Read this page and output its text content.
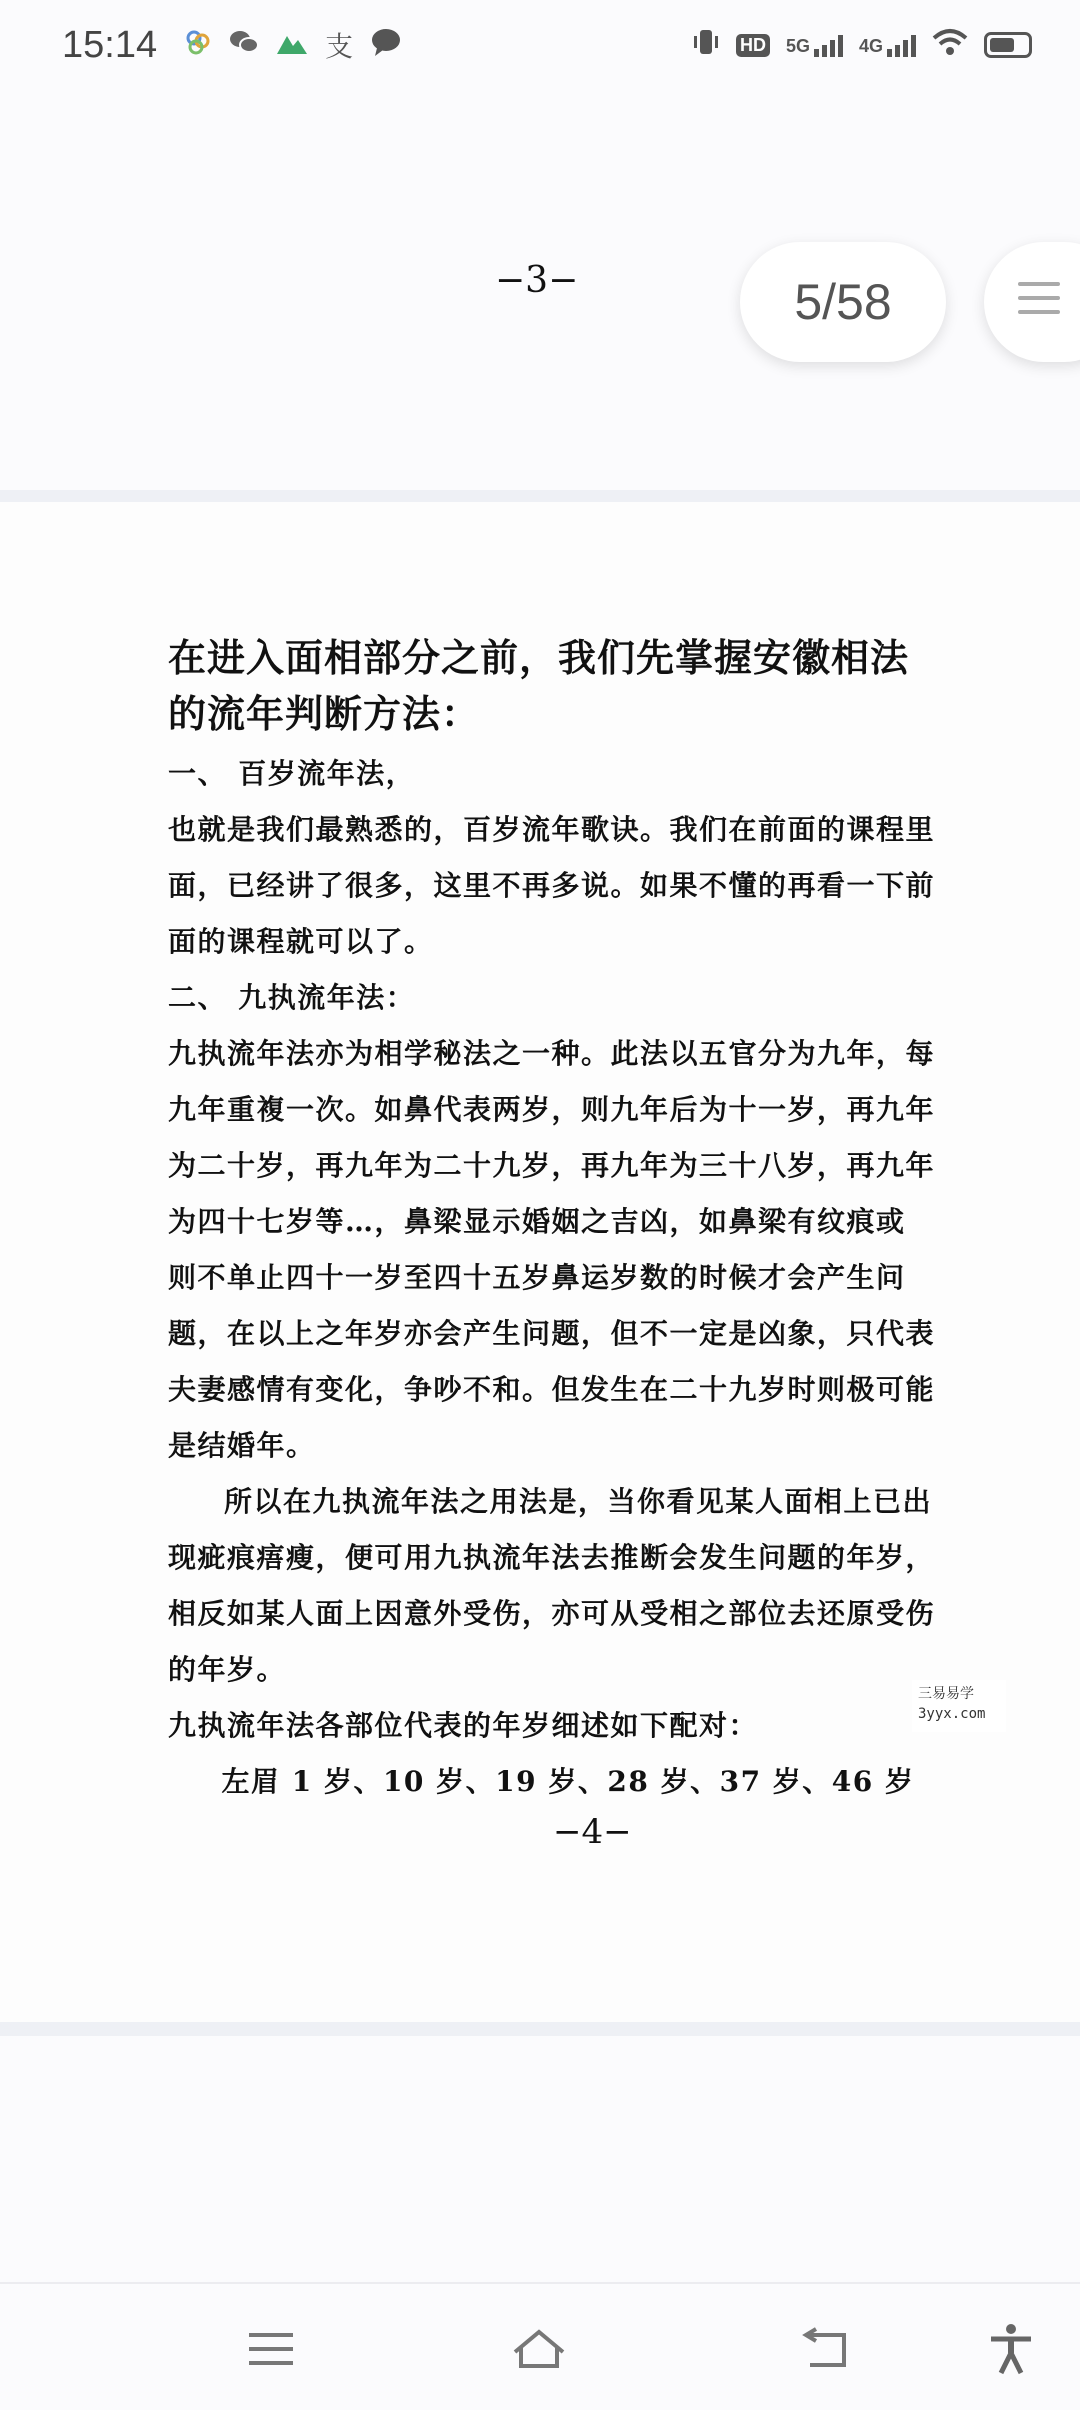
15:14	支	HD 5G	4G
−3−	5/58
在进入面相部分之前，我们先掌握安徽相法
的流年判断方法：
一、 百岁流年法，
也就是我们最熟悉的，百岁流年歌诀。我们在前面的课程里
面，已经讲了很多，这里不再多说。如果不懂的再看一下前
面的课程就可以了。
二、 九执流年法：
九执流年法亦为相学秘法之一种。此法以五官分为九年，每
九年重複一次。如鼻代表两岁，则九年后为十一岁，再九年
为二十岁，再九年为二十九岁，再九年为三十八岁，再九年
为四十七岁等…，鼻梁显示婚姻之吉凶，如鼻梁有纹痕或
则不单止四十一岁至四十五岁鼻运岁数的时候才会产生问
题，在以上之年岁亦会产生问题，但不一定是凶象，只代表
夫妻感情有变化，争吵不和。但发生在二十九岁时则极可能
是结婚年。
所以在九执流年法之用法是，当你看见某人面相上已出
现疵痕痦瘦，便可用九执流年法去推断会发生问题的年岁，
相反如某人面上因意外受伤，亦可从受相之部位去还原受伤
的年岁。
九执流年法各部位代表的年岁细述如下配对：
左眉 1 岁、10 岁、19 岁、28 岁、37 岁、46 岁
三易易学
3yyx.com
−4−
